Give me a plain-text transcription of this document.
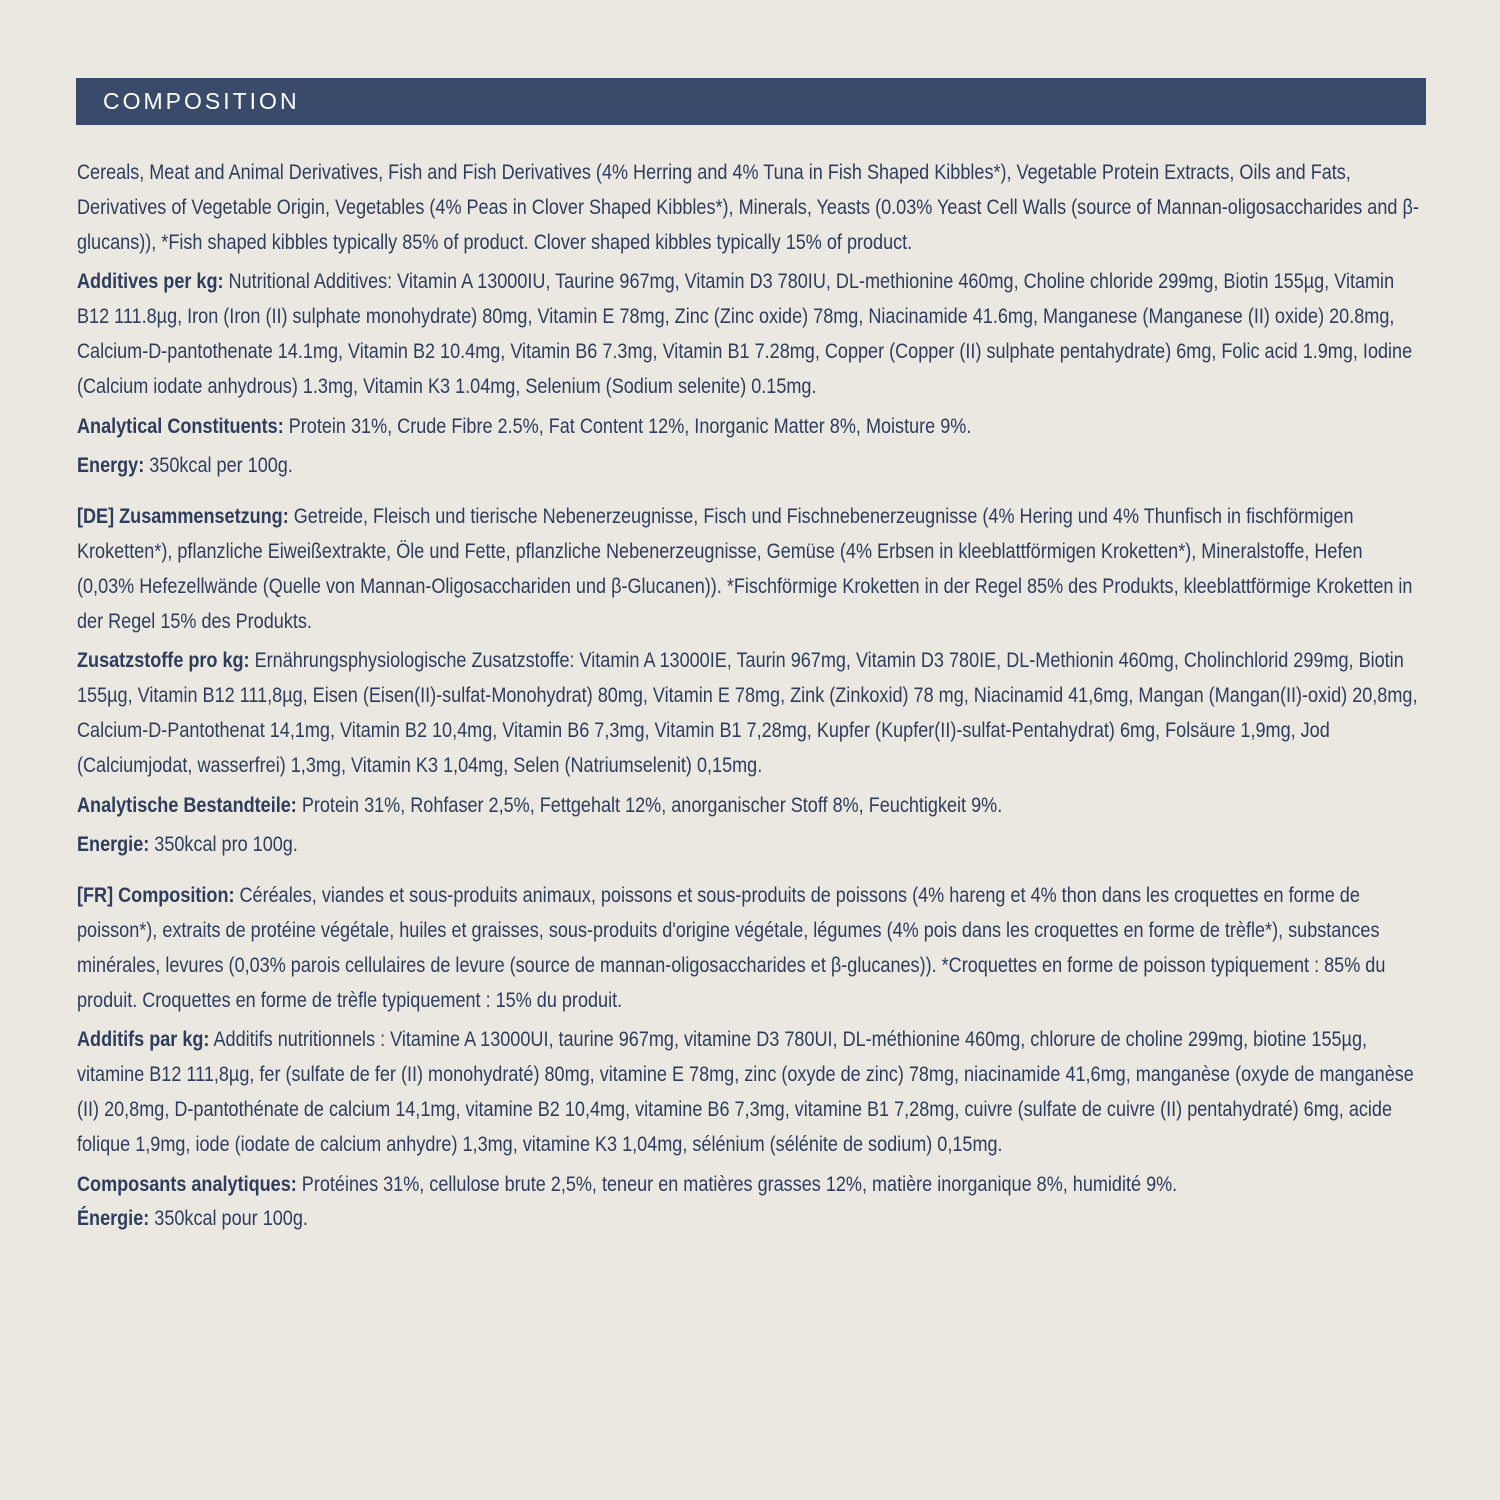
COMPOSITION

Cereals, Meat and Animal Derivatives, Fish and Fish Derivatives (4% Herring and 4% Tuna in Fish Shaped Kibbles*), Vegetable Protein Extracts, Oils and Fats, Derivatives of Vegetable Origin, Vegetables (4% Peas in Clover Shaped Kibbles*), Minerals, Yeasts (0.03% Yeast Cell Walls (source of Mannan-oligosaccharides and β-glucans)), *Fish shaped kibbles typically 85% of product. Clover shaped kibbles typically 15% of product.

Additives per kg: Nutritional Additives: Vitamin A 13000IU, Taurine 967mg, Vitamin D3 780IU, DL-methionine 460mg, Choline chloride 299mg, Biotin 155µg, Vitamin B12 111.8µg, Iron (Iron (II) sulphate monohydrate) 80mg, Vitamin E 78mg, Zinc (Zinc oxide) 78mg, Niacinamide 41.6mg, Manganese (Manganese (II) oxide) 20.8mg, Calcium-D-pantothenate 14.1mg, Vitamin B2 10.4mg, Vitamin B6 7.3mg, Vitamin B1 7.28mg, Copper (Copper (II) sulphate pentahydrate) 6mg, Folic acid 1.9mg, Iodine (Calcium iodate anhydrous) 1.3mg, Vitamin K3 1.04mg, Selenium (Sodium selenite) 0.15mg.

Analytical Constituents: Protein 31%, Crude Fibre 2.5%, Fat Content 12%, Inorganic Matter 8%, Moisture 9%.

Energy: 350kcal per 100g.

[DE] Zusammensetzung: Getreide, Fleisch und tierische Nebenerzeugnisse, Fisch und Fischnebenerzeugnisse (4% Hering und 4% Thunfisch in fischförmigen Kroketten*), pflanzliche Eiweißextrakte, Öle und Fette, pflanzliche Nebenerzeugnisse, Gemüse (4% Erbsen in kleeblattförmigen Kroketten*), Mineralstoffe, Hefen (0,03% Hefezellwände (Quelle von Mannan-Oligosacchariden und β-Glucanen)). *Fischförmige Kroketten in der Regel 85% des Produkts, kleeblattförmige Kroketten in der Regel 15% des Produkts.

Zusatzstoffe pro kg: Ernährungsphysiologische Zusatzstoffe: Vitamin A 13000IE, Taurin 967mg, Vitamin D3 780IE, DL-Methionin 460mg, Cholinchlorid 299mg, Biotin 155µg, Vitamin B12 111,8µg, Eisen (Eisen(II)-sulfat-Monohydrat) 80mg, Vitamin E 78mg, Zink (Zinkoxid) 78 mg, Niacinamid 41,6mg, Mangan (Mangan(II)-oxid) 20,8mg, Calcium-D-Pantothenat 14,1mg, Vitamin B2 10,4mg, Vitamin B6 7,3mg, Vitamin B1 7,28mg, Kupfer (Kupfer(II)-sulfat-Pentahydrat) 6mg, Folsäure 1,9mg, Jod (Calciumjodat, wasserfrei) 1,3mg, Vitamin K3 1,04mg, Selen (Natriumselenit) 0,15mg.

Analytische Bestandteile: Protein 31%, Rohfaser 2,5%, Fettgehalt 12%, anorganischer Stoff 8%, Feuchtigkeit 9%.

Energie: 350kcal pro 100g.

[FR] Composition: Céréales, viandes et sous-produits animaux, poissons et sous-produits de poissons (4% hareng et 4% thon dans les croquettes en forme de poisson*), extraits de protéine végétale, huiles et graisses, sous-produits d'origine végétale, légumes (4% pois dans les croquettes en forme de trèfle*), substances minérales, levures (0,03% parois cellulaires de levure (source de mannan-oligosaccharides et β-glucanes)). *Croquettes en forme de poisson typiquement : 85% du produit. Croquettes en forme de trèfle typiquement : 15% du produit.

Additifs par kg: Additifs nutritionnels : Vitamine A 13000UI, taurine 967mg, vitamine D3 780UI, DL-méthionine 460mg, chlorure de choline 299mg, biotine 155µg, vitamine B12 111,8µg, fer (sulfate de fer (II) monohydraté) 80mg, vitamine E 78mg, zinc (oxyde de zinc) 78mg, niacinamide 41,6mg, manganèse (oxyde de manganèse (II) 20,8mg, D-pantothénate de calcium 14,1mg, vitamine B2 10,4mg, vitamine B6 7,3mg, vitamine B1 7,28mg, cuivre (sulfate de cuivre (II) pentahydraté) 6mg, acide folique 1,9mg, iode (iodate de calcium anhydre) 1,3mg, vitamine K3 1,04mg, sélénium (sélénite de sodium) 0,15mg.

Composants analytiques: Protéines 31%, cellulose brute 2,5%, teneur en matières grasses 12%, matière inorganique 8%, humidité 9%.

Énergie: 350kcal pour 100g.
